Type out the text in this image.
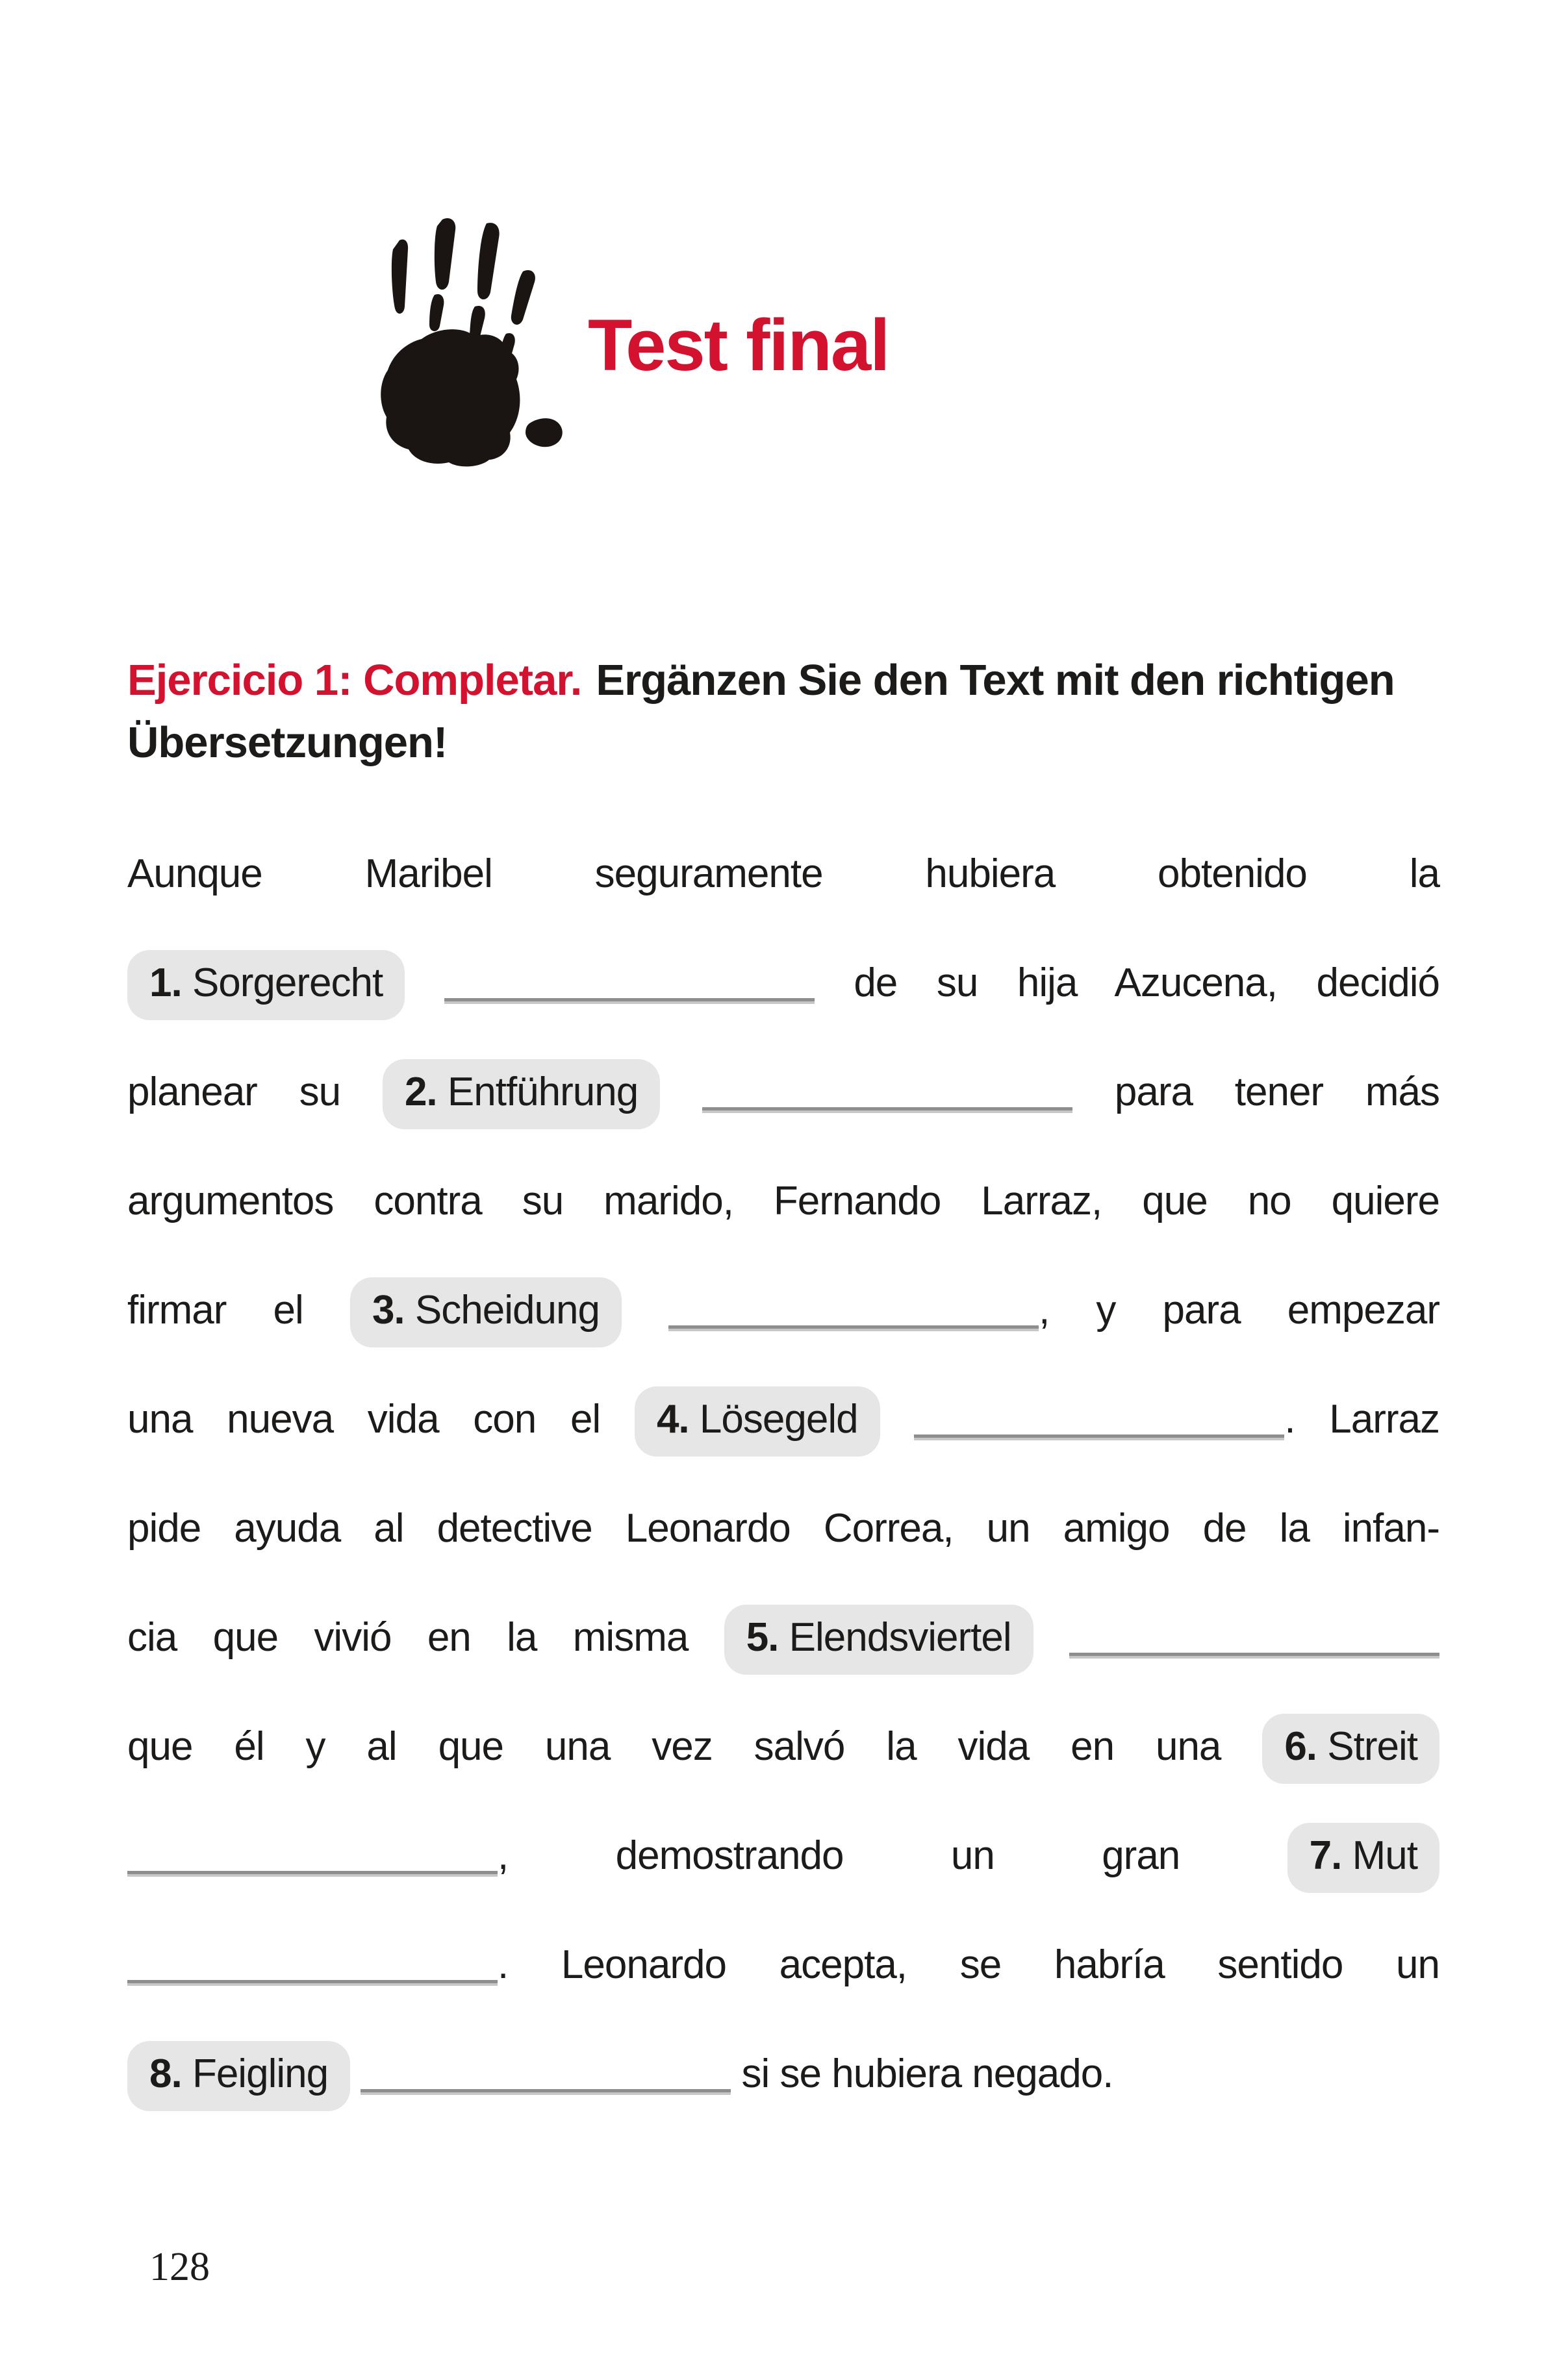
Test final
Ejercicio 1: Completar. Ergänzen Sie den Text mit den richtigen Übersetzungen!
Aunque Maribel seguramente hubiera obtenido la
1. Sorgerecht	de su hija Azucena, decidió
planear su 2. Entführung	para tener más
argumentos contra su marido, Fernando Larraz, que no quiere
firmar el 3. Scheidung	, y para empezar
una nueva vida con el 4. Lösegeld	. Larraz
pide ayuda al detective Leonardo Correa, un amigo de la infan-
cia que vivió en la misma 5. Elendsviertel
que él y al que una vez salvó la vida en una 6. Streit
, demostrando un gran	7. Mut
. Leonardo acepta, se habría sentido un
8. Feigling	si se hubiera negado.
128
